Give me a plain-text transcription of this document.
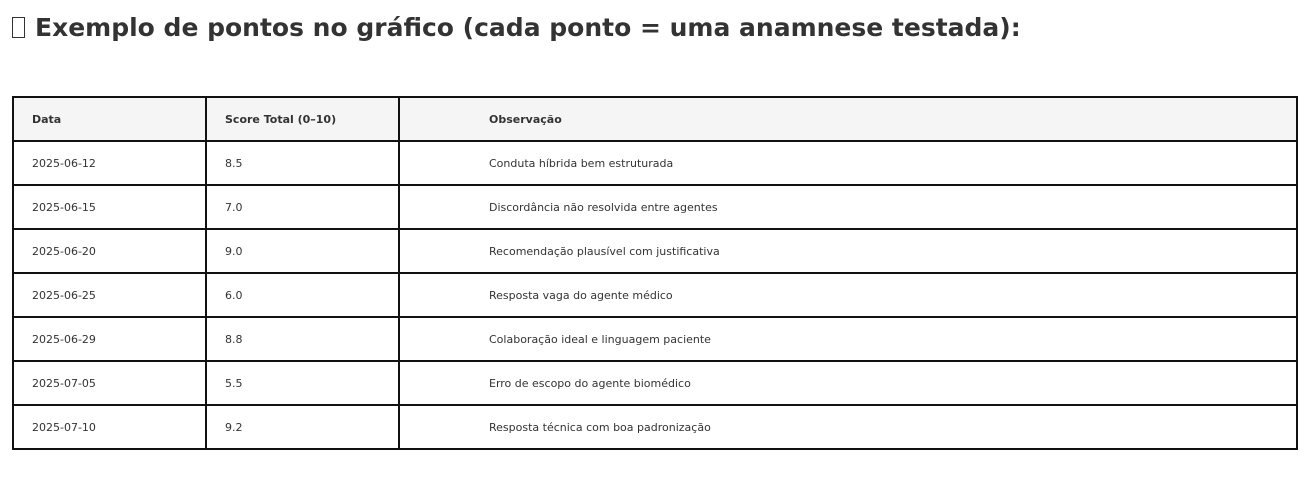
Exemplo de pontos no gráfico (cada ponto = uma anamnese testada):
Data	Score Total (0–10)	Observação
2025-06-12	8.5	Conduta híbrida bem estruturada
2025-06-15	7.0	Discordância não resolvida entre agentes
2025-06-20	9.0	Recomendação plausível com justificativa
2025-06-25	6.0	Resposta vaga do agente médico
2025-06-29	8.8	Colaboração ideal e linguagem paciente
2025-07-05	5.5	Erro de escopo do agente biomédico
2025-07-10	9.2	Resposta técnica com boa padronização
